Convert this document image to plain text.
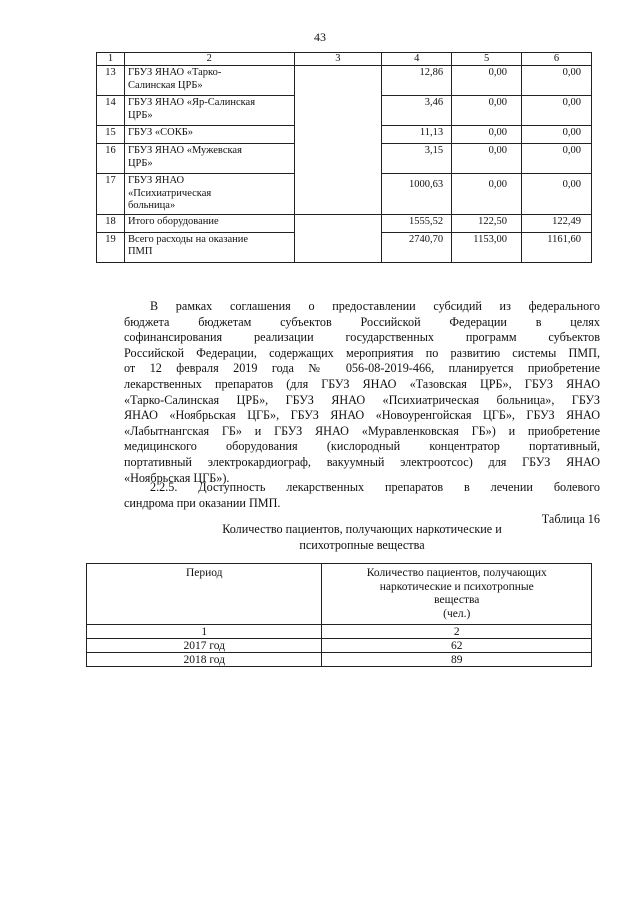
43
1	2	3	4	5	6
13	ГБУЗ ЯНАО «Тарко-
Салинская ЦРБ»		12,86	0,00	0,00
14	ГБУЗ ЯНАО «Яр-Салинская
ЦРБ»		3,46	0,00	0,00
15	ГБУЗ «СОКБ»		11,13	0,00	0,00
16	ГБУЗ ЯНАО «Мужевская
ЦРБ»		3,15	0,00	0,00
17	ГБУЗ ЯНАО
«Психиатрическая
больница»		1000,63	0,00	0,00
18	Итого оборудование		1555,52	122,50	122,49
19	Всего расходы на оказание
ПМП		2740,70	1153,00	1161,60
В рамках соглашения о предоставлении субсидий из федерального
бюджета бюджетам субъектов Российской Федерации в целях
софинансирования реализации государственных программ субъектов
Российской Федерации, содержащих мероприятия по развитию системы ПМП,
от 12 февраля 2019 года № 056-08-2019-466, планируется приобретение
лекарственных препаратов (для ГБУЗ ЯНАО «Тазовская ЦРБ», ГБУЗ ЯНАО
«Тарко-Салинская ЦРБ», ГБУЗ ЯНАО «Психиатрическая больница», ГБУЗ
ЯНАО «Ноябрьская ЦГБ», ГБУЗ ЯНАО «Новоуренгойская ЦГБ», ГБУЗ ЯНАО
«Лабытнангская ГБ» и ГБУЗ ЯНАО «Муравленковская ГБ») и приобретение
медицинского оборудования (кислородный концентратор портативный,
портативный электрокардиограф, вакуумный электроотсос) для ГБУЗ ЯНАО
«Ноябрьская ЦГБ»).
2.2.5. Доступность лекарственных препаратов в лечении болевого
синдрома при оказании ПМП.
Таблица 16
Количество пациентов, получающих наркотические и
психотропные вещества
Период	Количество пациентов, получающих
наркотические и психотропные
вещества
(чел.)
1	2
2017 год	62
2018 год	89
